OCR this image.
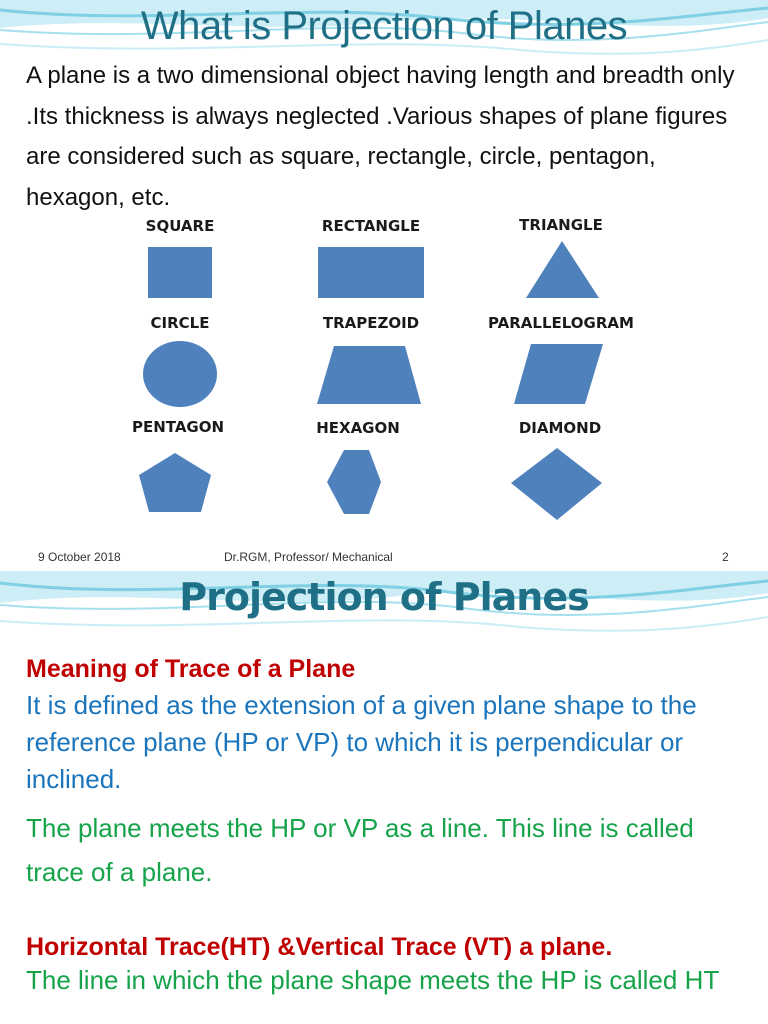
What is Projection of Planes

A plane is a two dimensional object having length and breadth only .Its thickness is always neglected .Various shapes of plane figures are considered such as square, rectangle, circle, pentagon, hexagon, etc.

SQUARE	RECTANGLE	TRIANGLE
CIRCLE	TRAPEZOID	PARALLELOGRAM
PENTAGON	HEXAGON	DIAMOND
9 October 2018	Dr.RGM, Professor/ Mechanical	2
Projection of Planes
Meaning of Trace of a Plane

It is defined as the extension of a given plane shape to the reference plane (HP or VP) to which it is perpendicular or inclined.

The plane meets the HP or VP as a line. This line is called trace of a plane.

Horizontal Trace(HT) &Vertical Trace (VT) a plane.

The line in which the plane shape meets the HP is called HT
